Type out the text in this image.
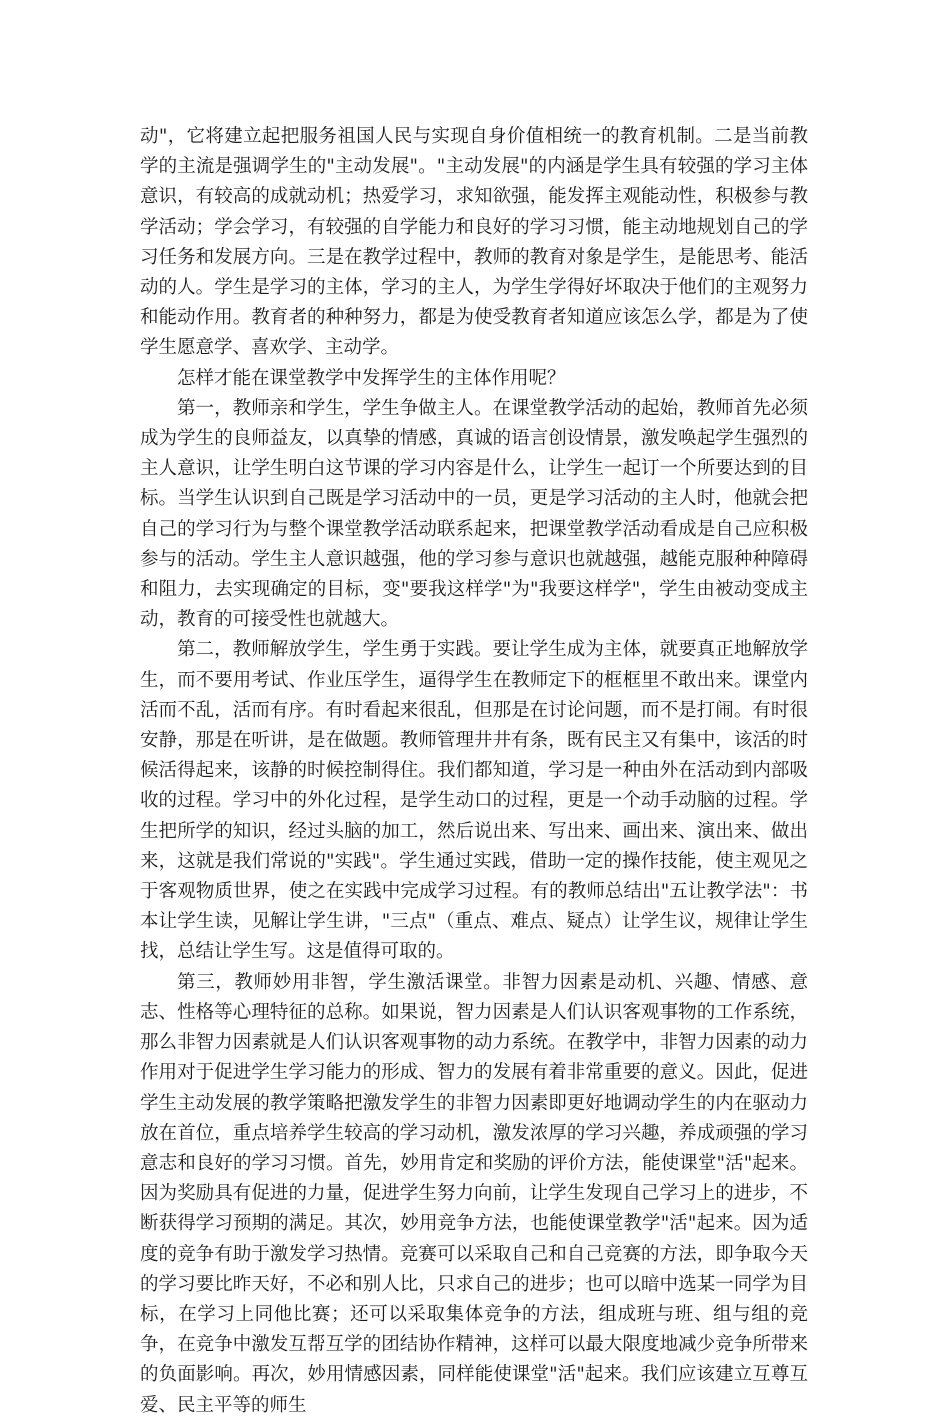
动"，它将建立起把服务祖国人民与实现自身价值相统一的教育机制。二是当前教学的主流是强调学生的"主动发展"。"主动发展"的内涵是学生具有较强的学习主体意识，有较高的成就动机；热爱学习，求知欲强，能发挥主观能动性，积极参与教学活动；学会学习，有较强的自学能力和良好的学习习惯，能主动地规划自己的学习任务和发展方向。三是在教学过程中，教师的教育对象是学生，是能思考、能活动的人。学生是学习的主体，学习的主人，为学生学得好坏取决于他们的主观努力和能动作用。教育者的种种努力，都是为使受教育者知道应该怎么学，都是为了使学生愿意学、喜欢学、主动学。

怎样才能在课堂教学中发挥学生的主体作用呢？

第一，教师亲和学生，学生争做主人。在课堂教学活动的起始，教师首先必须成为学生的良师益友，以真挚的情感，真诚的语言创设情景，激发唤起学生强烈的主人意识，让学生明白这节课的学习内容是什么，让学生一起订一个所要达到的目标。当学生认识到自己既是学习活动中的一员，更是学习活动的主人时，他就会把自己的学习行为与整个课堂教学活动联系起来，把课堂教学活动看成是自己应积极参与的活动。学生主人意识越强，他的学习参与意识也就越强，越能克服种种障碍和阻力，去实现确定的目标，变"要我这样学"为"我要这样学"，学生由被动变成主动，教育的可接受性也就越大。

第二，教师解放学生，学生勇于实践。要让学生成为主体，就要真正地解放学生，而不要用考试、作业压学生，逼得学生在教师定下的框框里不敢出来。课堂内活而不乱，活而有序。有时看起来很乱，但那是在讨论问题，而不是打闹。有时很安静，那是在听讲，是在做题。教师管理井井有条，既有民主又有集中，该活的时候活得起来，该静的时候控制得住。我们都知道，学习是一种由外在活动到内部吸收的过程。学习中的外化过程，是学生动口的过程，更是一个动手动脑的过程。学生把所学的知识，经过头脑的加工，然后说出来、写出来、画出来、演出来、做出来，这就是我们常说的"实践"。学生通过实践，借助一定的操作技能，使主观见之于客观物质世界，使之在实践中完成学习过程。有的教师总结出"五让教学法"：书本让学生读，见解让学生讲，"三点"（重点、难点、疑点）让学生议，规律让学生找，总结让学生写。这是值得可取的。

第三，教师妙用非智，学生激活课堂。非智力因素是动机、兴趣、情感、意志、性格等心理特征的总称。如果说，智力因素是人们认识客观事物的工作系统，那么非智力因素就是人们认识客观事物的动力系统。在教学中，非智力因素的动力作用对于促进学生学习能力的形成、智力的发展有着非常重要的意义。因此，促进学生主动发展的教学策略把激发学生的非智力因素即更好地调动学生的内在驱动力放在首位，重点培养学生较高的学习动机，激发浓厚的学习兴趣，养成顽强的学习意志和良好的学习习惯。首先，妙用肯定和奖励的评价方法，能使课堂"活"起来。因为奖励具有促进的力量，促进学生努力向前，让学生发现自己学习上的进步，不断获得学习预期的满足。其次，妙用竞争方法，也能使课堂教学"活"起来。因为适度的竞争有助于激发学习热情。竞赛可以采取自己和自己竞赛的方法，即争取今天的学习要比昨天好，不必和别人比，只求自己的进步；也可以暗中选某一同学为目标，在学习上同他比赛；还可以采取集体竞争的方法，组成班与班、组与组的竞争，在竞争中激发互帮互学的团结协作精神，这样可以最大限度地减少竞争所带来的负面影响。再次，妙用情感因素，同样能使课堂"活"起来。我们应该建立互尊互爱、民主平等的师生
